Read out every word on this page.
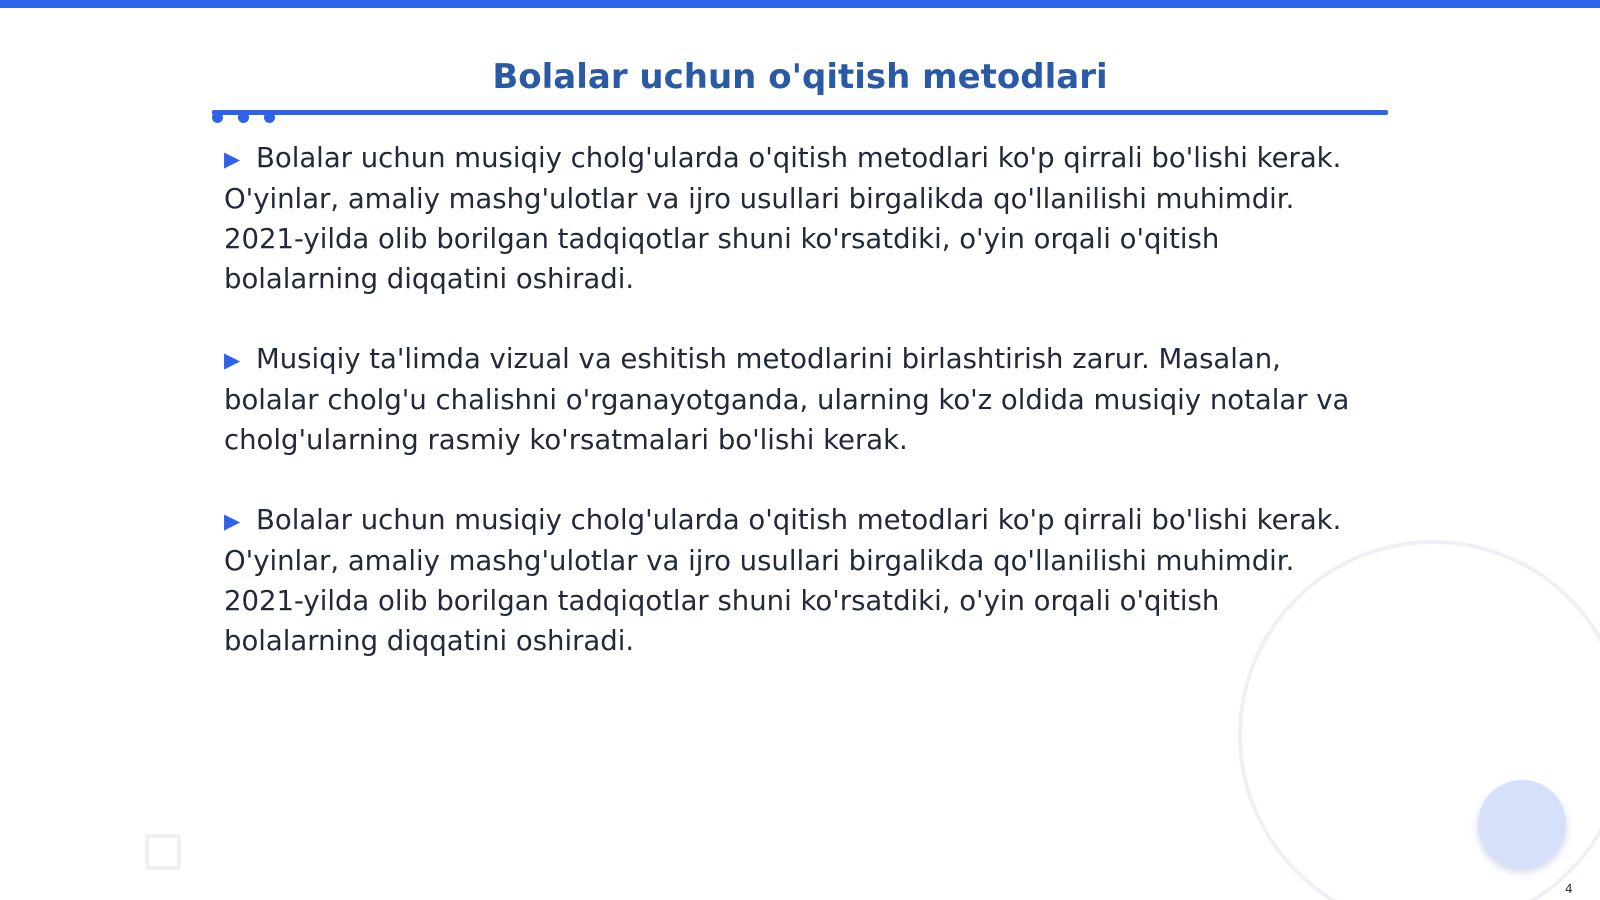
Bolalar uchun o'qitish metodlari

▶ Bolalar uchun musiqiy cholg'ularda o'qitish metodlari ko'p qirrali bo'lishi kerak. O'yinlar, amaliy mashg'ulotlar va ijro usullari birgalikda qo'llanilishi muhimdir. 2021-yilda olib borilgan tadqiqotlar shuni ko'rsatdiki, o'yin orqali o'qitish bolalarning diqqatini oshiradi.

▶ Musiqiy ta'limda vizual va eshitish metodlarini birlashtirish zarur. Masalan, bolalar cholg'u chalishni o'rganayotganda, ularning ko'z oldida musiqiy notalar va cholg'ularning rasmiy ko'rsatmalari bo'lishi kerak.

▶ Bolalar uchun musiqiy cholg'ularda o'qitish metodlari ko'p qirrali bo'lishi kerak. O'yinlar, amaliy mashg'ulotlar va ijro usullari birgalikda qo'llanilishi muhimdir. 2021-yilda olib borilgan tadqiqotlar shuni ko'rsatdiki, o'yin orqali o'qitish bolalarning diqqatini oshiradi.

4
